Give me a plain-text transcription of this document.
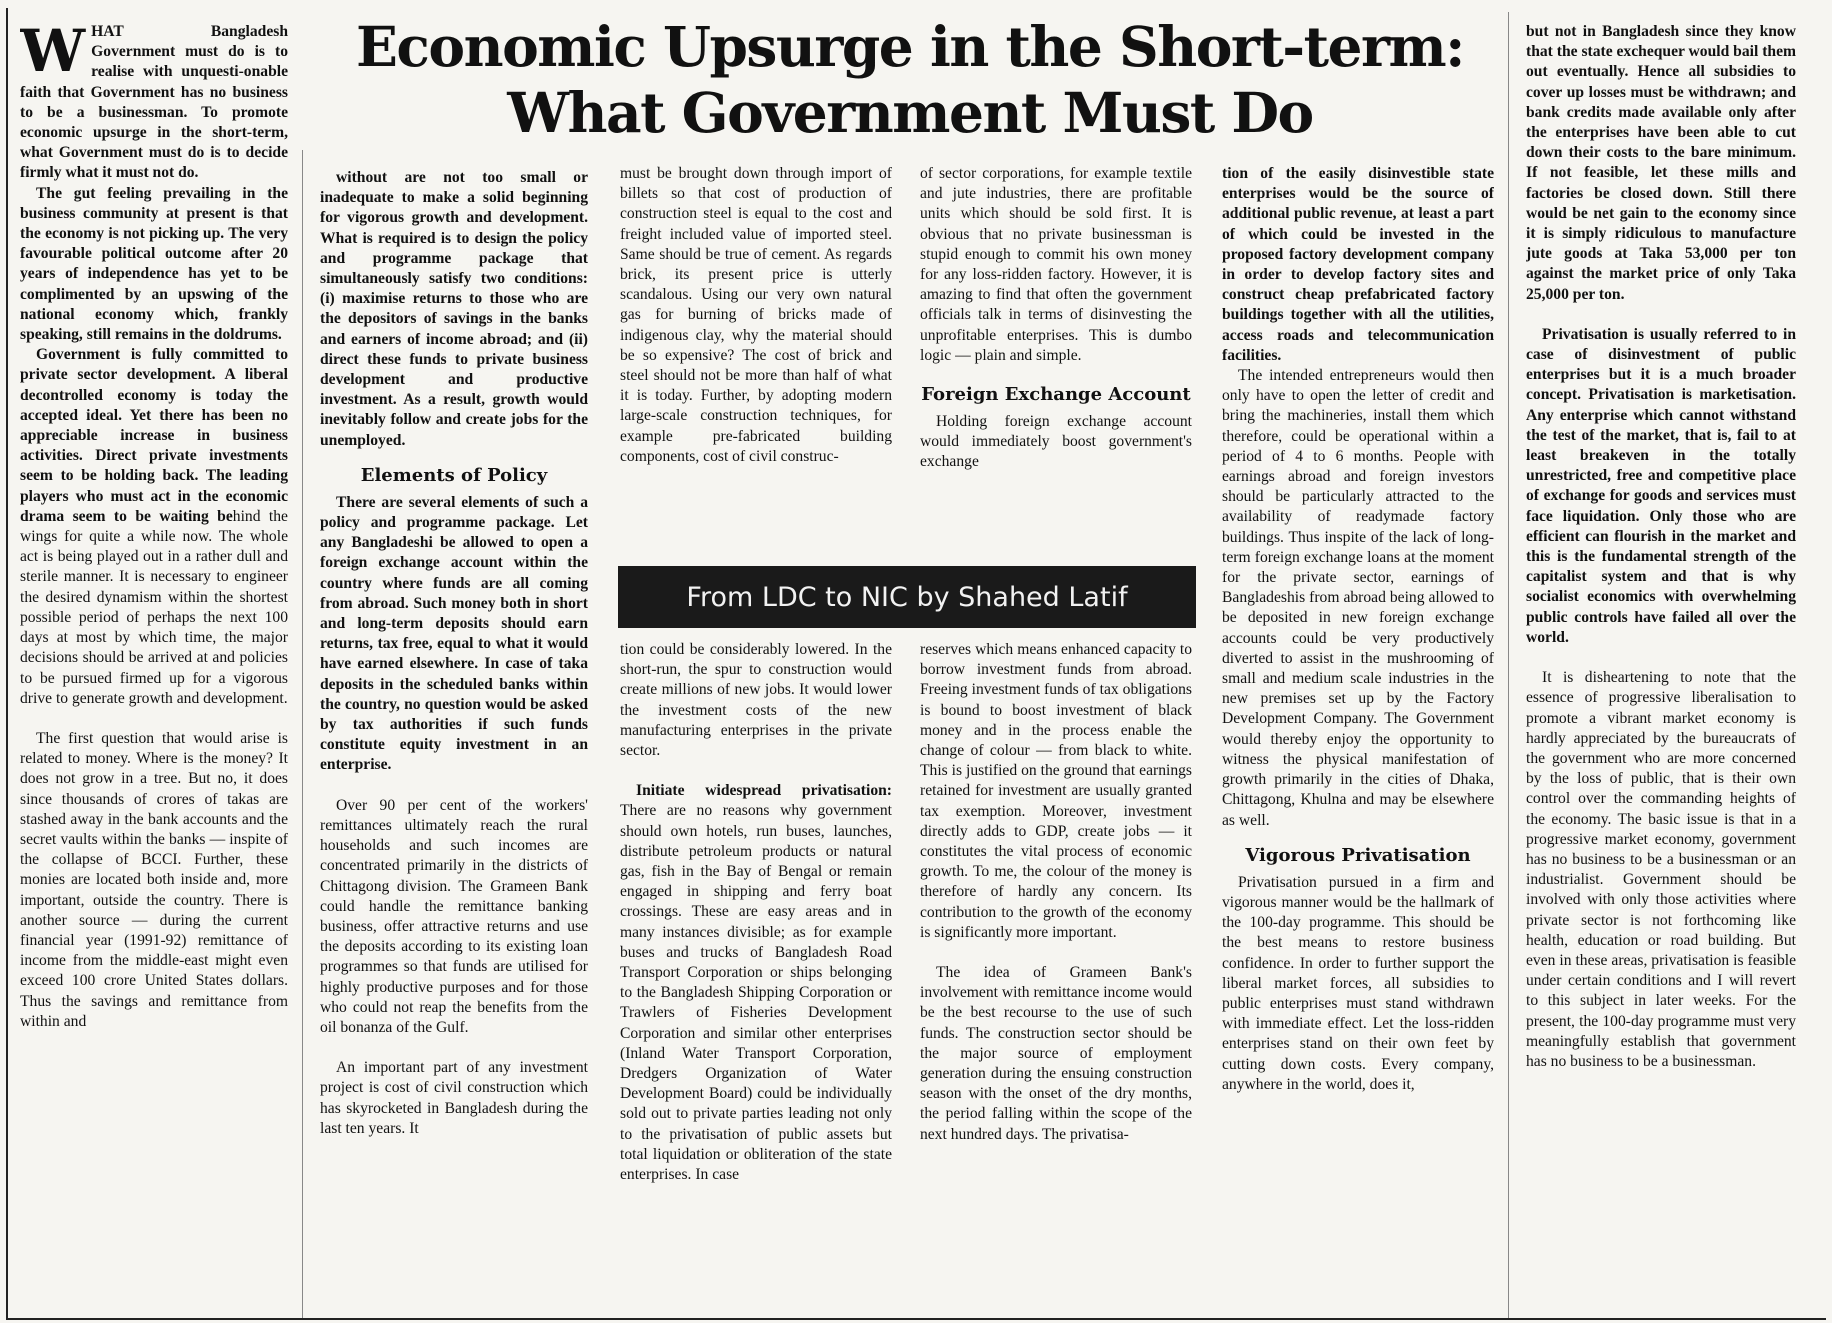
WHAT Bangladesh Government must do is to realise with unquesti-onable faith that Government has no business to be a businessman. To promote economic upsurge in the short-term, what Government must do is to decide firmly what it must not do.

The gut feeling prevailing in the business community at present is that the economy is not picking up. The very favourable political outcome after 20 years of independence has yet to be complimented by an upswing of the national economy which, frankly speaking, still remains in the doldrums.

Government is fully committed to private sector development. A liberal decontrolled economy is today the accepted ideal. Yet there has been no appreciable increase in business activities. Direct private investments seem to be holding back. The leading players who must act in the economic drama seem to be waiting behind the wings for quite a while now. The whole act is being played out in a rather dull and sterile manner. It is necessary to engineer the desired dynamism within the shortest possible period of perhaps the next 100 days at most by which time, the major decisions should be arrived at and policies to be pursued firmed up for a vigorous drive to generate growth and development.

The first question that would arise is related to money. Where is the money? It does not grow in a tree. But no, it does since thousands of crores of takas are stashed away in the bank accounts and the secret vaults within the banks — inspite of the collapse of BCCI. Further, these monies are located both inside and, more important, outside the country. There is another source — during the current financial year (1991-92) remittance of income from the middle-east might even exceed 100 crore United States dollars. Thus the savings and remittance from within and

Economic Upsurge in the Short-term:
What Government Must Do

without are not too small or inadequate to make a solid beginning for vigorous growth and development. What is required is to design the policy and programme package that simultaneously satisfy two conditions: (i) maximise returns to those who are the depositors of savings in the banks and earners of income abroad; and (ii) direct these funds to private business development and productive investment. As a result, growth would inevitably follow and create jobs for the unemployed.

Elements of Policy

There are several elements of such a policy and programme package. Let any Bangladeshi be allowed to open a foreign exchange account within the country where funds are all coming from abroad. Such money both in short and long-term deposits should earn returns, tax free, equal to what it would have earned elsewhere. In case of taka deposits in the scheduled banks within the country, no question would be asked by tax authorities if such funds constitute equity investment in an enterprise.

Over 90 per cent of the workers' remittances ultimately reach the rural households and such incomes are concentrated primarily in the districts of Chittagong division. The Grameen Bank could handle the remittance banking business, offer attractive returns and use the deposits according to its existing loan programmes so that funds are utilised for highly productive purposes and for those who could not reap the benefits from the oil bonanza of the Gulf.

An important part of any investment project is cost of civil construction which has skyrocketed in Bangladesh during the last ten years. It

must be brought down through import of billets so that cost of production of construction steel is equal to the cost and freight included value of imported steel. Same should be true of cement. As regards brick, its present price is utterly scandalous. Using our very own natural gas for burning of bricks made of indigenous clay, why the material should be so expensive? The cost of brick and steel should not be more than half of what it is today. Further, by adopting modern large-scale construction techniques, for example pre-fabricated building components, cost of civil construc-

tion could be considerably lowered. In the short-run, the spur to construction would create millions of new jobs. It would lower the investment costs of the new manufacturing enterprises in the private sector.

Initiate widespread privatisation: There are no reasons why government should own hotels, run buses, launches, distribute petroleum products or natural gas, fish in the Bay of Bengal or remain engaged in shipping and ferry boat crossings. These are easy areas and in many instances divisible; as for example buses and trucks of Bangladesh Road Transport Corporation or ships belonging to the Bangladesh Shipping Corporation or Trawlers of Fisheries Development Corporation and similar other enterprises (Inland Water Transport Corporation, Dredgers Organization of Water Development Board) could be individually sold out to private parties leading not only to the privatisation of public assets but total liquidation or obliteration of the state enterprises. In case

of sector corporations, for example textile and jute industries, there are profitable units which should be sold first. It is obvious that no private businessman is stupid enough to commit his own money for any loss-ridden factory. However, it is amazing to find that often the government officials talk in terms of disinvesting the unprofitable enterprises. This is dumbo logic — plain and simple.

Foreign Exchange Account

Holding foreign exchange account would immediately boost government's exchange

reserves which means enhanced capacity to borrow investment funds from abroad. Freeing investment funds of tax obligations is bound to boost investment of black money and in the process enable the change of colour — from black to white. This is justified on the ground that earnings retained for investment are usually granted tax exemption. Moreover, investment directly adds to GDP, create jobs — it constitutes the vital process of economic growth. To me, the colour of the money is therefore of hardly any concern. Its contribution to the growth of the economy is significantly more important.

The idea of Grameen Bank's involvement with remittance income would be the best recourse to the use of such funds. The construction sector should be the major source of employment generation during the ensuing construction season with the onset of the dry months, the period falling within the scope of the next hundred days. The privatisa-

From LDC to NIC by Shahed Latif

tion of the easily disinvestible state enterprises would be the source of additional public revenue, at least a part of which could be invested in the proposed factory development company in order to develop factory sites and construct cheap prefabricated factory buildings together with all the utilities, access roads and telecommunication facilities.

The intended entrepreneurs would then only have to open the letter of credit and bring the machineries, install them which therefore, could be operational within a period of 4 to 6 months. People with earnings abroad and foreign investors should be particularly attracted to the availability of readymade factory buildings. Thus inspite of the lack of long-term foreign exchange loans at the moment for the private sector, earnings of Bangladeshis from abroad being allowed to be deposited in new foreign exchange accounts could be very productively diverted to assist in the mushrooming of small and medium scale industries in the new premises set up by the Factory Development Company. The Government would thereby enjoy the opportunity to witness the physical manifestation of growth primarily in the cities of Dhaka, Chittagong, Khulna and may be elsewhere as well.

Vigorous Privatisation

Privatisation pursued in a firm and vigorous manner would be the hallmark of the 100-day programme. This should be the best means to restore business confidence. In order to further support the liberal market forces, all subsidies to public enterprises must stand withdrawn with immediate effect. Let the loss-ridden enterprises stand on their own feet by cutting down costs. Every company, anywhere in the world, does it,

but not in Bangladesh since they know that the state exchequer would bail them out eventually. Hence all subsidies to cover up losses must be withdrawn; and bank credits made available only after the enterprises have been able to cut down their costs to the bare minimum. If not feasible, let these mills and factories be closed down. Still there would be net gain to the economy since it is simply ridiculous to manufacture jute goods at Taka 53,000 per ton against the market price of only Taka 25,000 per ton.

Privatisation is usually referred to in case of disinvestment of public enterprises but it is a much broader concept. Privatisation is marketisation. Any enterprise which cannot withstand the test of the market, that is, fail to at least breakeven in the totally unrestricted, free and competitive place of exchange for goods and services must face liquidation. Only those who are efficient can flourish in the market and this is the fundamental strength of the capitalist system and that is why socialist economics with overwhelming public controls have failed all over the world.

It is disheartening to note that the essence of progressive liberalisation to promote a vibrant market economy is hardly appreciated by the bureaucrats of the government who are more concerned by the loss of public, that is their own control over the commanding heights of the economy. The basic issue is that in a progressive market economy, government has no business to be a businessman or an industrialist. Government should be involved with only those activities where private sector is not forthcoming like health, education or road building. But even in these areas, privatisation is feasible under certain conditions and I will revert to this subject in later weeks. For the present, the 100-day programme must very meaningfully establish that government has no business to be a businessman.
